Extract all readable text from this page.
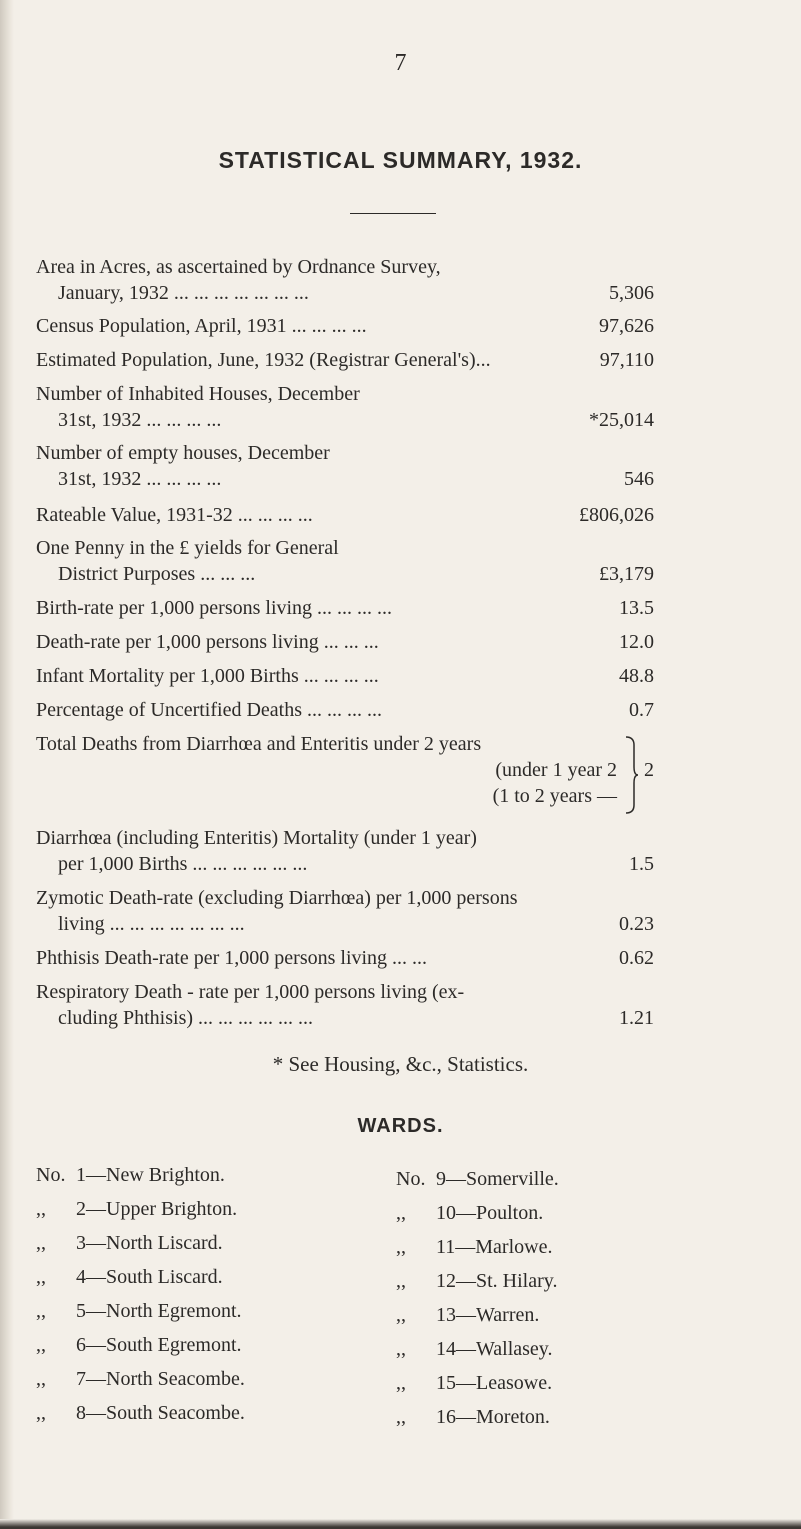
7
STATISTICAL SUMMARY, 1932.
Area in Acres, as ascertained by Ordnance Survey,
January, 1932 ... ... ... ... ... ... ...	5,306
Census Population, April, 1931 ... ... ... ...	97,626
Estimated Population, June, 1932 (Registrar General's)...	97,110
Number of Inhabited Houses, December
31st, 1932 ... ... ... ...	*25,014
Number of empty houses, December
31st, 1932 ... ... ... ...	546
Rateable Value, 1931-32 ... ... ... ...	£806,026
One Penny in the £ yields for General
District Purposes ... ... ...	£3,179
Birth-rate per 1,000 persons living ... ... ... ...	13.5
Death-rate per 1,000 persons living ... ... ...	12.0
Infant Mortality per 1,000 Births ... ... ... ...	48.8
Percentage of Uncertified Deaths ... ... ... ...	0.7
Total Deaths from Diarrhœa and Enteritis under 2 years
(under 1 year 2
(1 to 2 years —
2
Diarrhœa (including Enteritis) Mortality (under 1 year)
per 1,000 Births ... ... ... ... ... ...	1.5
Zymotic Death-rate (excluding Diarrhœa) per 1,000 persons
living ... ... ... ... ... ... ...	0.23
Phthisis Death-rate per 1,000 persons living ... ...	0.62
Respiratory Death - rate per 1,000 persons living (ex-
cluding Phthisis) ... ... ... ... ... ...	1.21
* See Housing, &c., Statistics.
WARDS.
No. 1—New Brighton.
,, 2—Upper Brighton.
,, 3—North Liscard.
,, 4—South Liscard.
,, 5—North Egremont.
,, 6—South Egremont.
,, 7—North Seacombe.
,, 8—South Seacombe.
No. 9—Somerville.
,, 10—Poulton.
,, 11—Marlowe.
,, 12—St. Hilary.
,, 13—Warren.
,, 14—Wallasey.
,, 15—Leasowe.
,, 16—Moreton.
